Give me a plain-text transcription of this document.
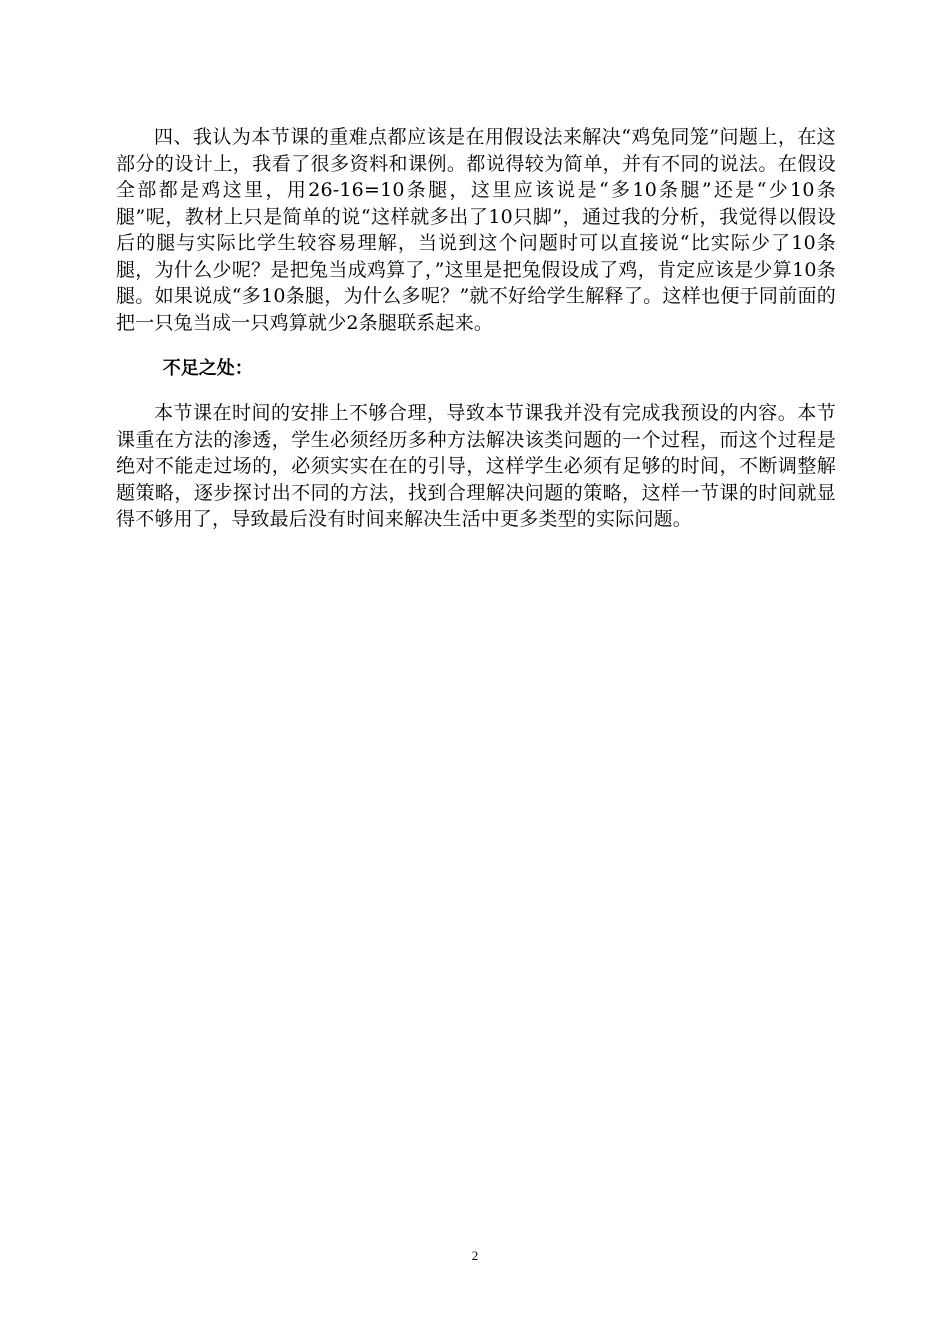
四、我认为本节课的重难点都应该是在用假设法来解决“鸡兔同笼”问题上，在这部分的设计上，我看了很多资料和课例。都说得较为简单，并有不同的说法。在假设全部都是鸡这里，用26-16=10条腿，这里应该说是“多10条腿”还是“少10条腿”呢，教材上只是简单的说“这样就多出了10只脚”，通过我的分析，我觉得以假设后的腿与实际比学生较容易理解，当说到这个问题时可以直接说“比实际少了10条腿，为什么少呢？是把兔当成鸡算了，”这里是把兔假设成了鸡，肯定应该是少算10条腿。如果说成“多10条腿，为什么多呢？”就不好给学生解释了。这样也便于同前面的把一只兔当成一只鸡算就少2条腿联系起来。

不足之处：

本节课在时间的安排上不够合理，导致本节课我并没有完成我预设的内容。本节课重在方法的渗透，学生必须经历多种方法解决该类问题的一个过程，而这个过程是绝对不能走过场的，必须实实在在的引导，这样学生必须有足够的时间，不断调整解题策略，逐步探讨出不同的方法，找到合理解决问题的策略，这样一节课的时间就显得不够用了，导致最后没有时间来解决生活中更多类型的实际问题。

2
